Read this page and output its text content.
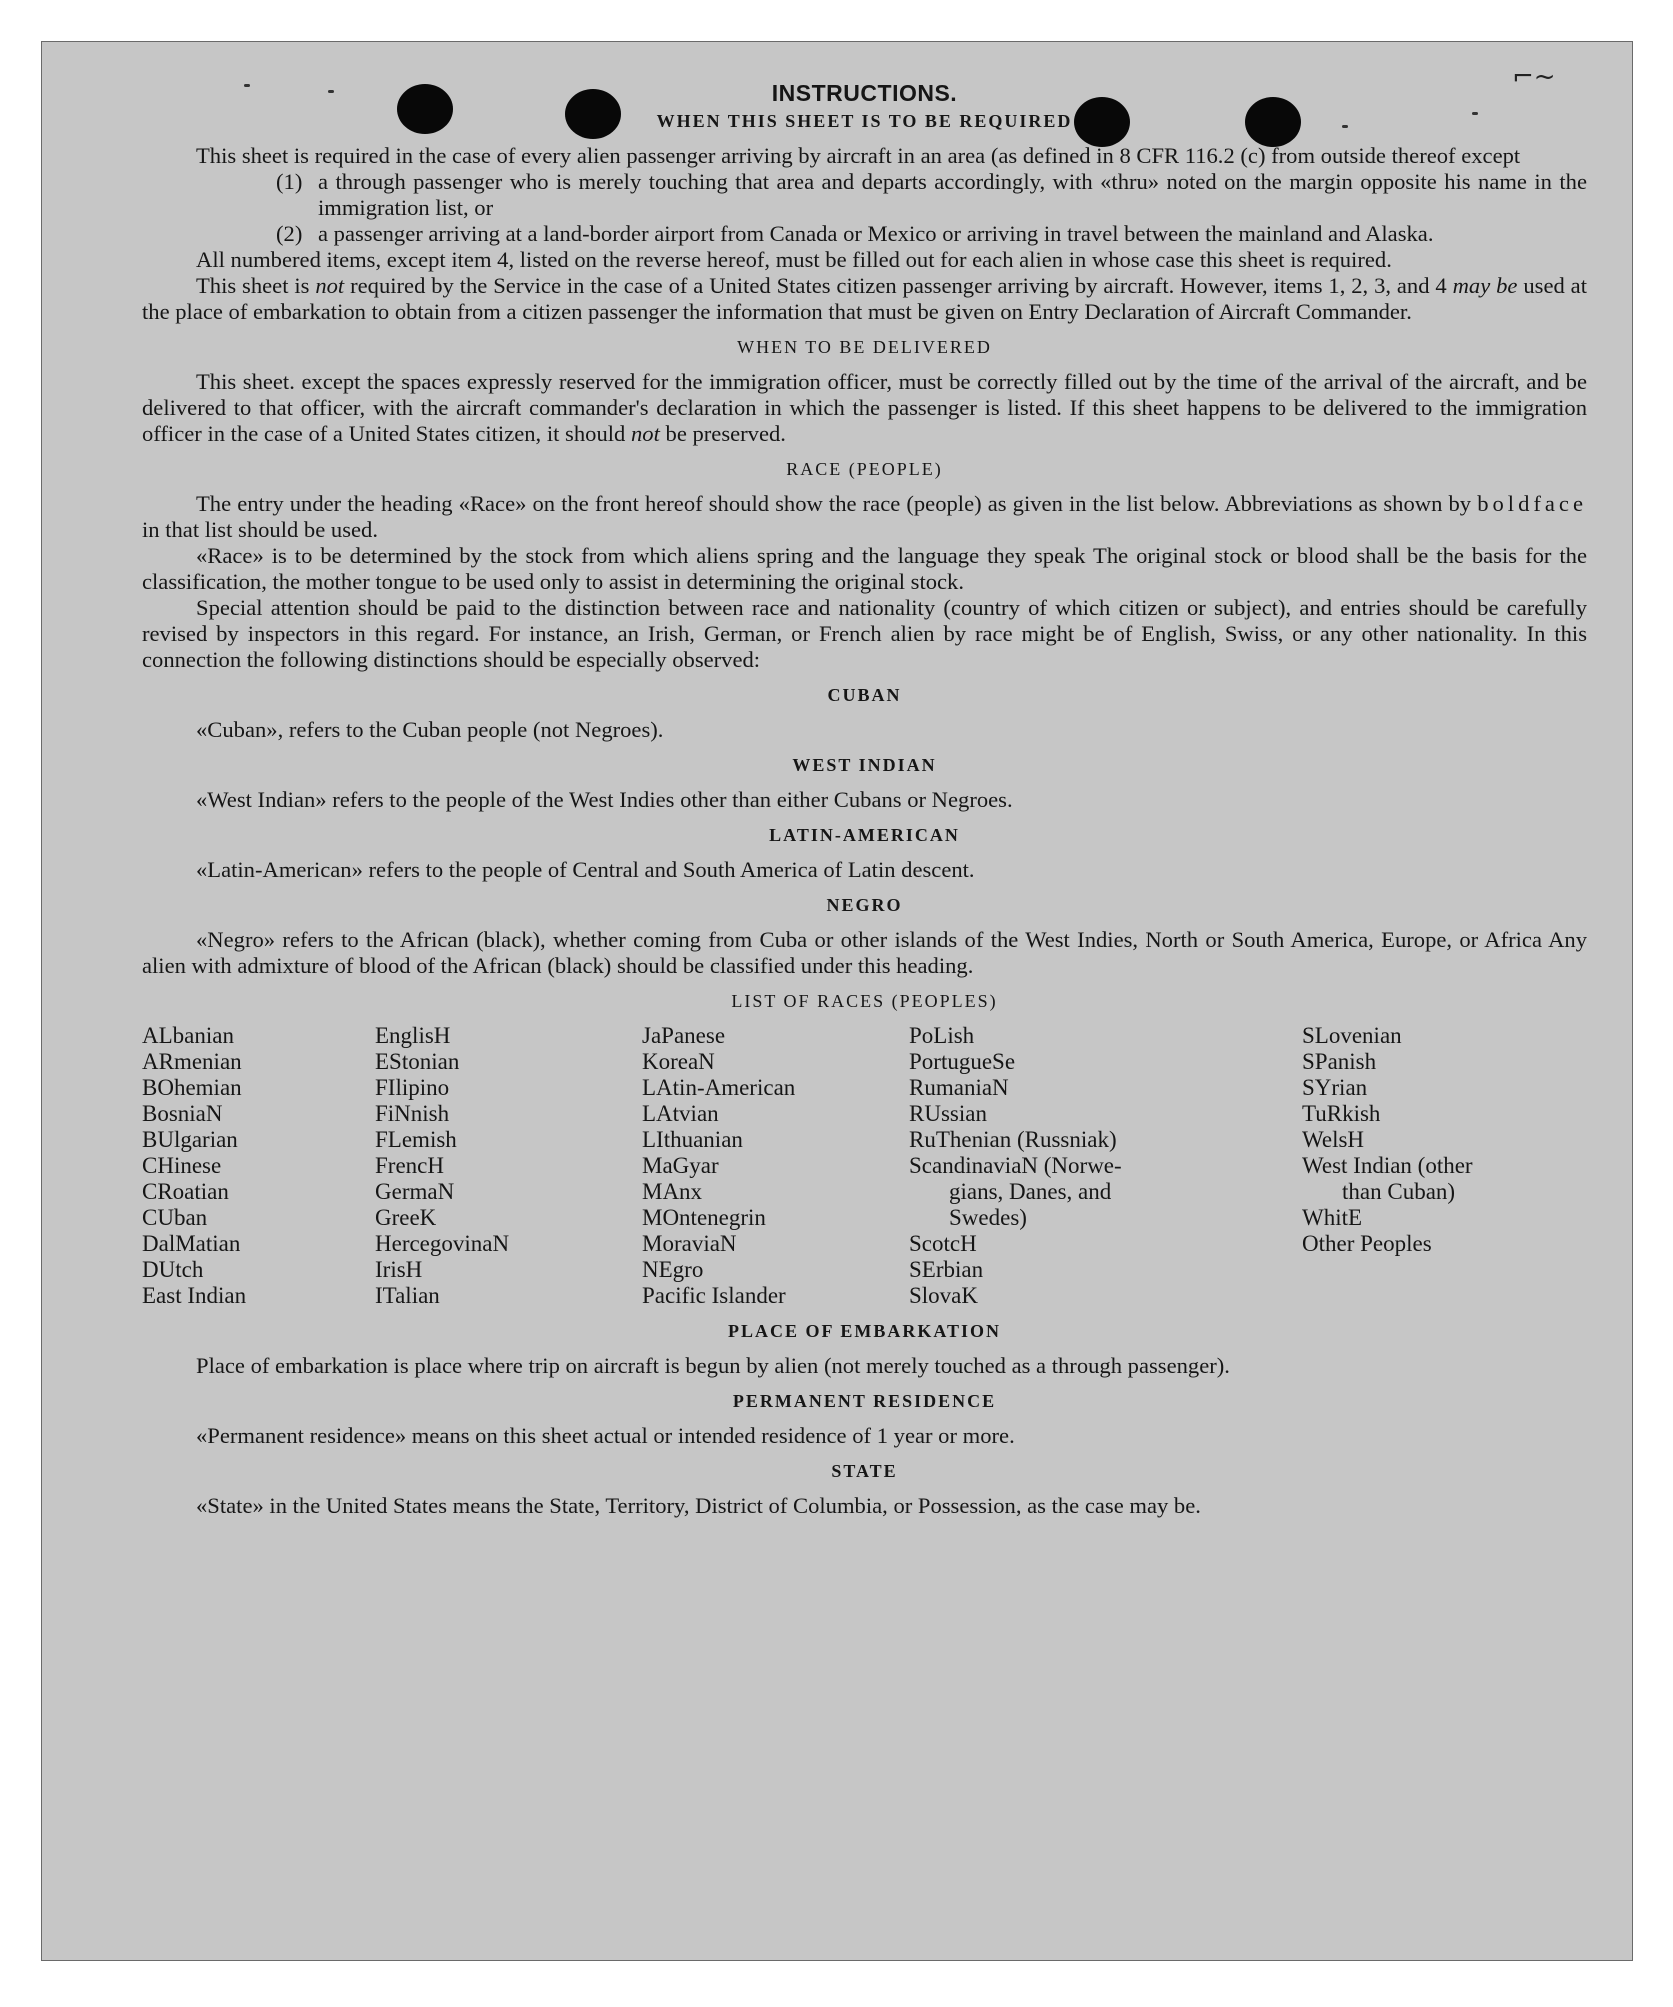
⌐~
INSTRUCTIONS.
WHEN THIS SHEET IS TO BE REQUIRED

This sheet is required in the case of every alien passenger arriving by aircraft in an area (as defined in 8 CFR 116.2 (c) from outside thereof except

(1) a through passenger who is merely touching that area and departs accordingly, with «thru» noted on the margin opposite his name in the immigration list, or
(2) a passenger arriving at a land-border airport from Canada or Mexico or arriving in travel between the mainland and Alaska.

All numbered items, except item 4, listed on the reverse hereof, must be filled out for each alien in whose case this sheet is required.

This sheet is not required by the Service in the case of a United States citizen passenger arriving by aircraft. However, items 1, 2, 3, and 4 may be used at the place of embarkation to obtain from a citizen passenger the information that must be given on Entry Declaration of Aircraft Commander.

WHEN TO BE DELIVERED

This sheet. except the spaces expressly reserved for the immigration officer, must be correctly filled out by the time of the arrival of the aircraft, and be delivered to that officer, with the aircraft commander's declaration in which the passenger is listed. If this sheet happens to be delivered to the immigration officer in the case of a United States citizen, it should not be preserved.

RACE (PEOPLE)

The entry under the heading «Race» on the front hereof should show the race (people) as given in the list below. Abbreviations as shown by boldface in that list should be used.

«Race» is to be determined by the stock from which aliens spring and the language they speak The original stock or blood shall be the basis for the classification, the mother tongue to be used only to assist in determining the original stock.

Special attention should be paid to the distinction between race and nationality (country of which citizen or subject), and entries should be carefully revised by inspectors in this regard. For instance, an Irish, German, or French alien by race might be of English, Swiss, or any other nationality. In this connection the following distinctions should be especially observed:

CUBAN

«Cuban», refers to the Cuban people (not Negroes).

WEST INDIAN

«West Indian» refers to the people of the West Indies other than either Cubans or Negroes.

LATIN-AMERICAN

«Latin-American» refers to the people of Central and South America of Latin descent.

NEGRO

«Negro» refers to the African (black), whether coming from Cuba or other islands of the West Indies, North or South America, Europe, or Africa Any alien with admixture of blood of the African (black) should be classified under this heading.

LIST OF RACES (PEOPLES)
ALbanian
ARmenian
BOhemian
BosniaN
BUlgarian
CHinese
CRoatian
CUban
DalMatian
DUtch
East Indian
EnglisH
EStonian
FIlipino
FiNnish
FLemish
FrencH
GermaN
GreeK
HercegovinaN
IrisH
ITalian
JaPanese
KoreaN
LAtin-American
LAtvian
LIthuanian
MaGyar
MAnx
MOntenegrin
MoraviaN
NEgro
Pacific Islander
PoLish
PortugueSe
RumaniaN
RUssian
RuThenian (Russniak)
ScandinaviaN (Norwe-
gians, Danes, and
Swedes)
ScotcH
SErbian
SlovaK
SLovenian
SPanish
SYrian
TuRkish
WelsH
West Indian (other
than Cuban)
WhitE
Other Peoples
PLACE OF EMBARKATION

Place of embarkation is place where trip on aircraft is begun by alien (not merely touched as a through passenger).

PERMANENT RESIDENCE

«Permanent residence» means on this sheet actual or intended residence of 1 year or more.

STATE

«State» in the United States means the State, Territory, District of Columbia, or Possession, as the case may be.
